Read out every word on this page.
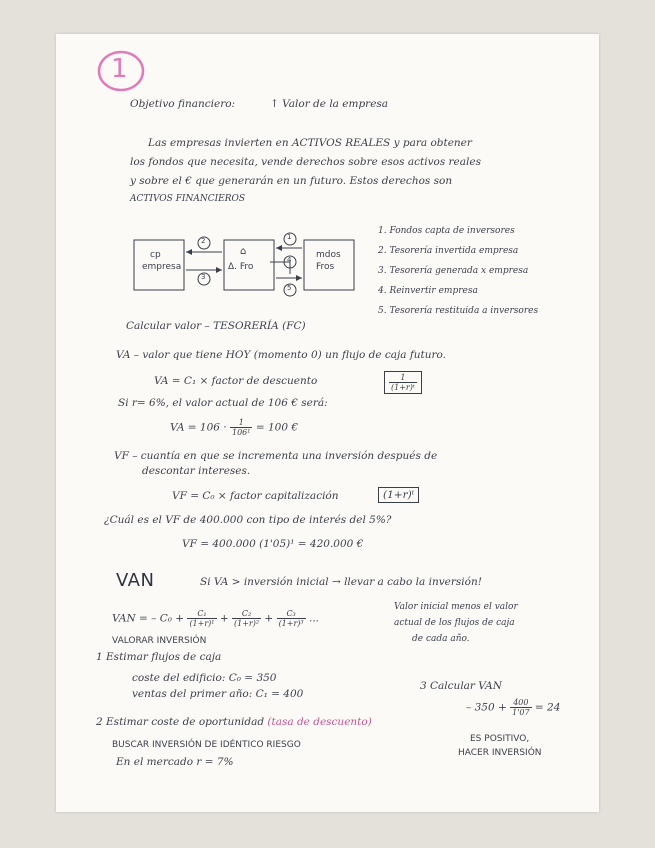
1
Objetivo financiero:	↑ Valor de la empresa
Las empresas invierten en ACTIVOS REALES y para obtener
los fondos que necesita, vende derechos sobre esos activos reales
y sobre el € que generarán en un futuro. Estos derechos son
ACTIVOS FINANCIEROS
cp
empresa
⌂
Δ. Fro
mdos
Fros
2
3
4
1
5
1. Fondos capta de inversores
2. Tesorería invertida empresa
3. Tesorería generada x empresa
4. Reinvertir empresa
5. Tesorería restituida a inversores
Calcular valor – TESORERÍA (FC)
VA – valor que tiene HOY (momento 0) un flujo de caja futuro.
VA = C₁ × factor de descuento	$\frac{1}{\text{(1+r)ᵗ}}$
Si r= 6%, el valor actual de 106 € será:
VA = $106 \cdot \frac{1}{\text{106¹}} = 100$ €
VF – cuantía en que se incrementa una inversión después de
descontar intereses.
VF = C₀ × factor capitalización	(1+r)ᵗ
¿Cuál es el VF de 400.000 con tipo de interés del 5%?
VF = 400.000 (1'05)¹ = 420.000 €
VAN	Si VA > inversión inicial → llevar a cabo la inversión!
VAN = – $C_0 + \frac{\text{C₁}}{\text{(1+r)¹}} + \frac{\text{C₂}}{\text{(1+r)²}} + \frac{\text{C₃}}{\text{(1+r)³}}$ ...
Valor inicial menos el valor
actual de los flujos de caja
de cada año.
VALORAR INVERSIÓN
1 Estimar flujos de caja
coste del edificio: C₀ = 350
ventas del primer año: C₁ = 400
3 Calcular VAN
– $350 + \frac{400}{1'07} = 24$
ES POSITIVO,
HACER INVERSIÓN
2 Estimar coste de oportunidad (tasa de descuento)
BUSCAR INVERSIÓN DE IDÉNTICO RIESGO
En el mercado r = 7%
